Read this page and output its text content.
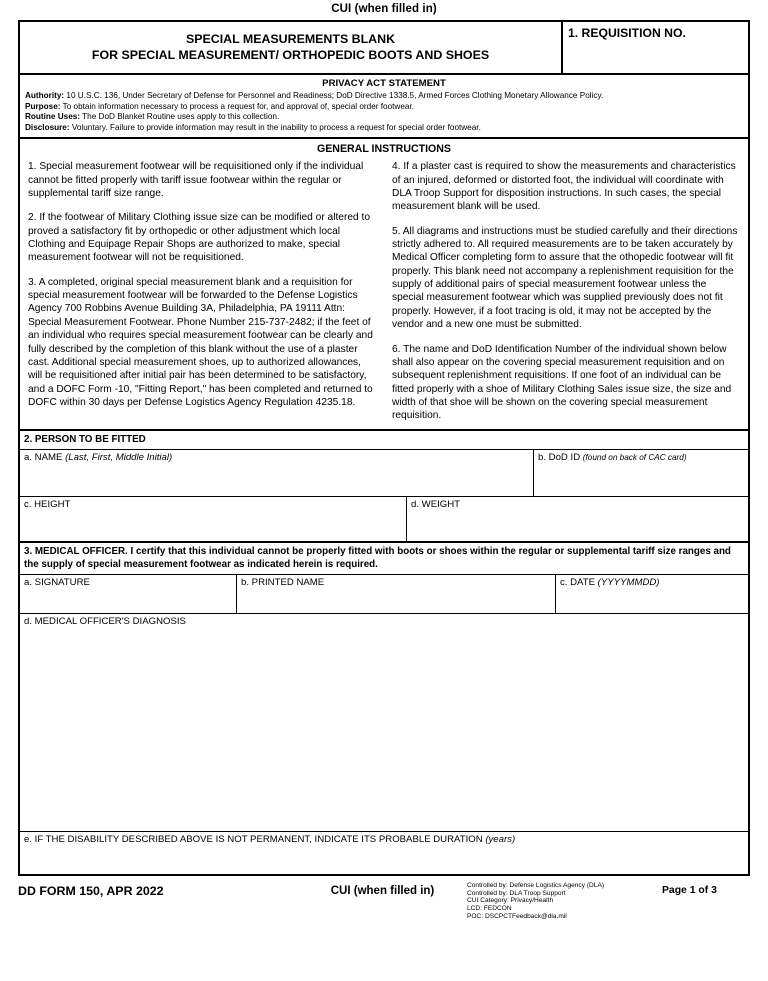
CUI (when filled in)
SPECIAL MEASUREMENTS BLANK
FOR SPECIAL MEASUREMENT/ ORTHOPEDIC BOOTS AND SHOES
1. REQUISITION NO.
PRIVACY ACT STATEMENT
Authority: 10 U.S.C. 136, Under Secretary of Defense for Personnel and Readiness; DoD Directive 1338.5, Armed Forces Clothing Monetary Allowance Policy.
Purpose: To obtain information necessary to process a request for, and approval of, special order footwear.
Routine Uses: The DoD Blanket Routine uses apply to this collection.
Disclosure: Voluntary. Failure to provide information may result in the inability to process a request for special order footwear.
GENERAL INSTRUCTIONS

1. Special measurement footwear will be requisitioned only if the individual cannot be fitted properly with tariff issue footwear within the regular or supplemental tariff size range.

2. If the footwear of Military Clothing issue size can be modified or altered to proved a satisfactory fit by orthopedic or other adjustment which local Clothing and Equipage Repair Shops are authorized to make, special measurement footwear will not be requisitioned.

3. A completed, original special measurement blank and a requisition for special measurement footwear will be forwarded to the Defense Logistics Agency 700 Robbins Avenue Building 3A, Philadelphia, PA 19111 Attn: Special Measurement Footwear. Phone Number 215-737-2482; if the feet of an individual who requires special measurement footwear can be clearly and fully described by the completion of this blank without the use of a plaster cast. Additional special measurement shoes, up to authorized allowances, will be requisitioned after initial pair has been determined to be satisfactory, and a DOFC Form -10, "Fitting Report," has been completed and returned to DOFC within 30 days per Defense Logistics Agency Regulation 4235.18.

4. If a plaster cast is required to show the measurements and characteristics of an injured, deformed or distorted foot, the individual will coordinate with DLA Troop Support for disposition instructions. In such cases, the special measurement blank will be used.

5. All diagrams and instructions must be studied carefully and their directions strictly adhered to. All required measurements are to be taken accurately by Medical Officer completing form to assure that the othopedic footwear will fit properly. This blank need not accompany a replenishment requisition for the supply of additional pairs of special measurement footwear unless the special measurement footwear which was supplied previously does not fit properly. However, if a foot tracing is old, it may not be accepted by the vendor and a new one must be submitted.

6. The name and DoD Identification Number of the individual shown below shall also appear on the covering special measurement requisition and on subsequent replenishment requisitions. If one foot of an individual can be fitted properly with a shoe of Military Clothing Sales issue size, the size and width of that shoe will be shown on the covering special measurement requisition.

2. PERSON TO BE FITTED
a. NAME (Last, First, Middle Initial)	b. DoD ID (found on back of CAC card)
c. HEIGHT	d. WEIGHT
3. MEDICAL OFFICER. I certify that this individual cannot be properly fitted with boots or shoes within the regular or supplemental tariff size ranges and the supply of special measurement footwear as indicated herein is required.
a. SIGNATURE	b. PRINTED NAME	c. DATE (YYYYMMDD)
d. MEDICAL OFFICER'S DIAGNOSIS
e. IF THE DISABILITY DESCRIBED ABOVE IS NOT PERMANENT, INDICATE ITS PROBABLE DURATION (years)
DD FORM 150, APR 2022	CUI (when filled in)	Controlled by: Defense Logistics Agency (DLA)
Controlled by: DLA Troop Support
CUI Category: Privacy/Health
LCD: FEDCON
POC: DSCPCTFeedback@dla.mil
Page 1 of 3
